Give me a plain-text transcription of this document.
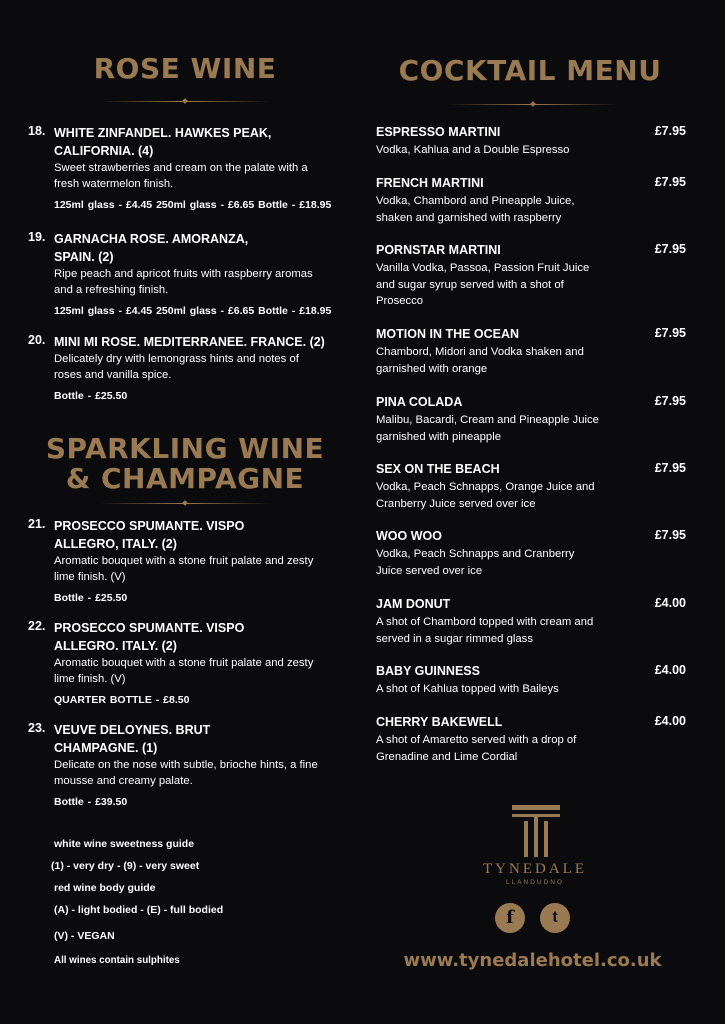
ROSE WINE
18. WHITE ZINFANDEL. HAWKES PEAK, CALIFORNIA. (4)
Sweet strawberries and cream on the palate with a fresh watermelon finish.
125ml glass - £4.45 250ml glass - £6.65 Bottle - £18.95
19. GARNACHA ROSE. AMORANZA, SPAIN. (2)
Ripe peach and apricot fruits with raspberry aromas and a refreshing finish.
125ml glass - £4.45 250ml glass - £6.65 Bottle - £18.95
20. MINI MI ROSE. MEDITERRANEE. FRANCE. (2)
Delicately dry with lemongrass hints and notes of roses and vanilla spice.
Bottle - £25.50
SPARKLING WINE
& CHAMPAGNE
21. PROSECCO SPUMANTE. VISPO ALLEGRO, ITALY. (2)
Aromatic bouquet with a stone fruit palate and zesty lime finish. (V)
Bottle - £25.50
22. PROSECCO SPUMANTE. VISPO ALLEGRO. ITALY. (2)
Aromatic bouquet with a stone fruit palate and zesty lime finish. (V)
QUARTER BOTTLE - £8.50
23. VEUVE DELOYNES. BRUT CHAMPAGNE. (1)
Delicate on the nose with subtle, brioche hints, a fine mousse and creamy palate.
Bottle - £39.50
white wine sweetness guide
(1) - very dry - (9) - very sweet
red wine body guide
(A) - light bodied - (E) - full bodied
(V) - VEGAN
All wines contain sulphites
COCKTAIL MENU
ESPRESSO MARTINI	£7.95
Vodka, Kahlua and a Double Espresso
FRENCH MARTINI	£7.95
Vodka, Chambord and Pineapple Juice, shaken and garnished with raspberry
PORNSTAR MARTINI	£7.95
Vanilla Vodka, Passoa, Passion Fruit Juice and sugar syrup served with a shot of Prosecco
MOTION IN THE OCEAN	£7.95
Chambord, Midori and Vodka shaken and garnished with orange
PINA COLADA	£7.95
Malibu, Bacardi, Cream and Pineapple Juice garnished with pineapple
SEX ON THE BEACH	£7.95
Vodka, Peach Schnapps, Orange Juice and Cranberry Juice served over ice
WOO WOO	£7.95
Vodka, Peach Schnapps and Cranberry Juice served over ice
JAM DONUT	£4.00
A shot of Chambord topped with cream and served in a sugar rimmed glass
BABY GUINNESS	£4.00
A shot of Kahlua topped with Baileys
CHERRY BAKEWELL	£4.00
A shot of Amaretto served with a drop of Grenadine and Lime Cordial
TYNEDALE
LLANDUDNO
f	t
www.tynedalehotel.co.uk
